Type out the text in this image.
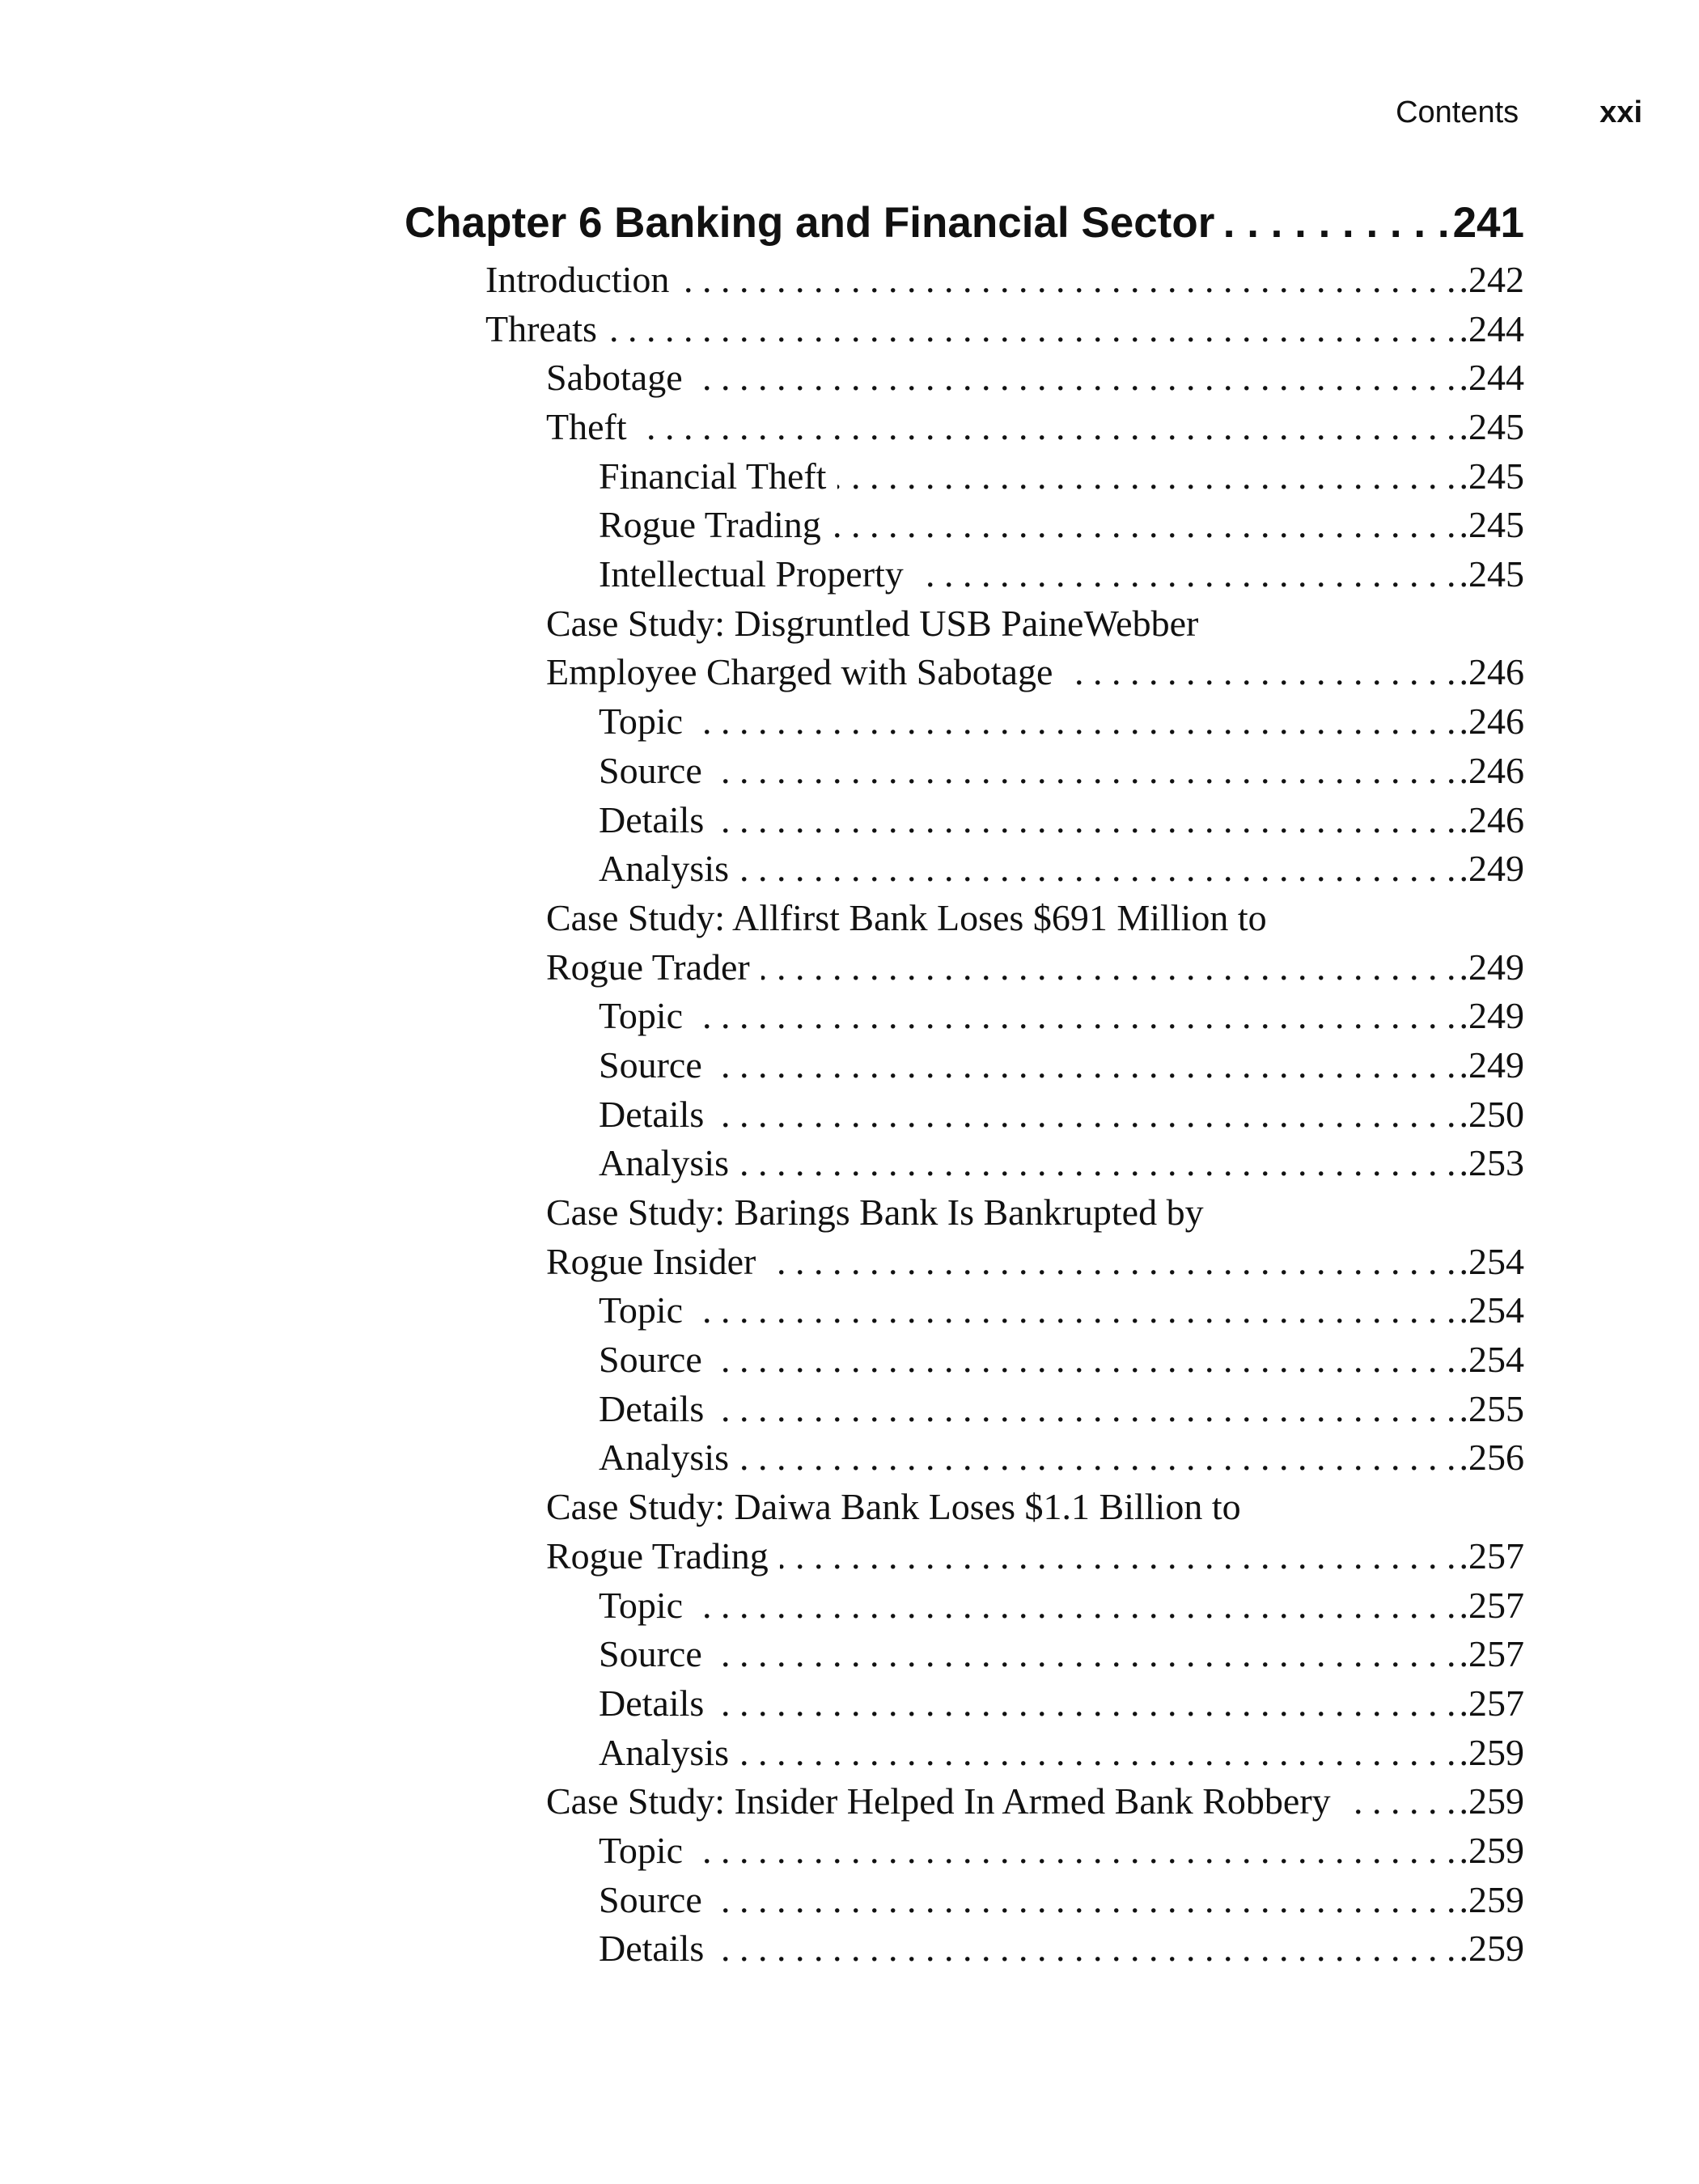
Contents	xxi
Chapter 6 Banking and Financial Sector . . .	241
Introduction . . .	.242
Threats . . .	.244
Sabotage . . .	.244
Theft . . .	.245
Financial Theft . . .	.245
Rogue Trading . . .	.245
Intellectual Property . . .	.245
Case Study: Disgruntled USB PaineWebber
Employee Charged with Sabotage . . .	.246
Topic . . .	.246
Source . . .	.246
Details . . .	.246
Analysis . . .	.249
Case Study: Allfirst Bank Loses $691 Million to
Rogue Trader . . .	.249
Topic . . .	.249
Source . . .	.249
Details . . .	.250
Analysis . . .	.253
Case Study: Barings Bank Is Bankrupted by
Rogue Insider . . .	.254
Topic . . .	.254
Source . . .	.254
Details . . .	.255
Analysis . . .	.256
Case Study: Daiwa Bank Loses $1.1 Billion to
Rogue Trading . . .	.257
Topic . . .	.257
Source . . .	.257
Details . . .	.257
Analysis . . .	.259
Case Study: Insider Helped In Armed Bank Robbery . . .	.259
Topic . . .	.259
Source . . .	.259
Details . . .	.259
